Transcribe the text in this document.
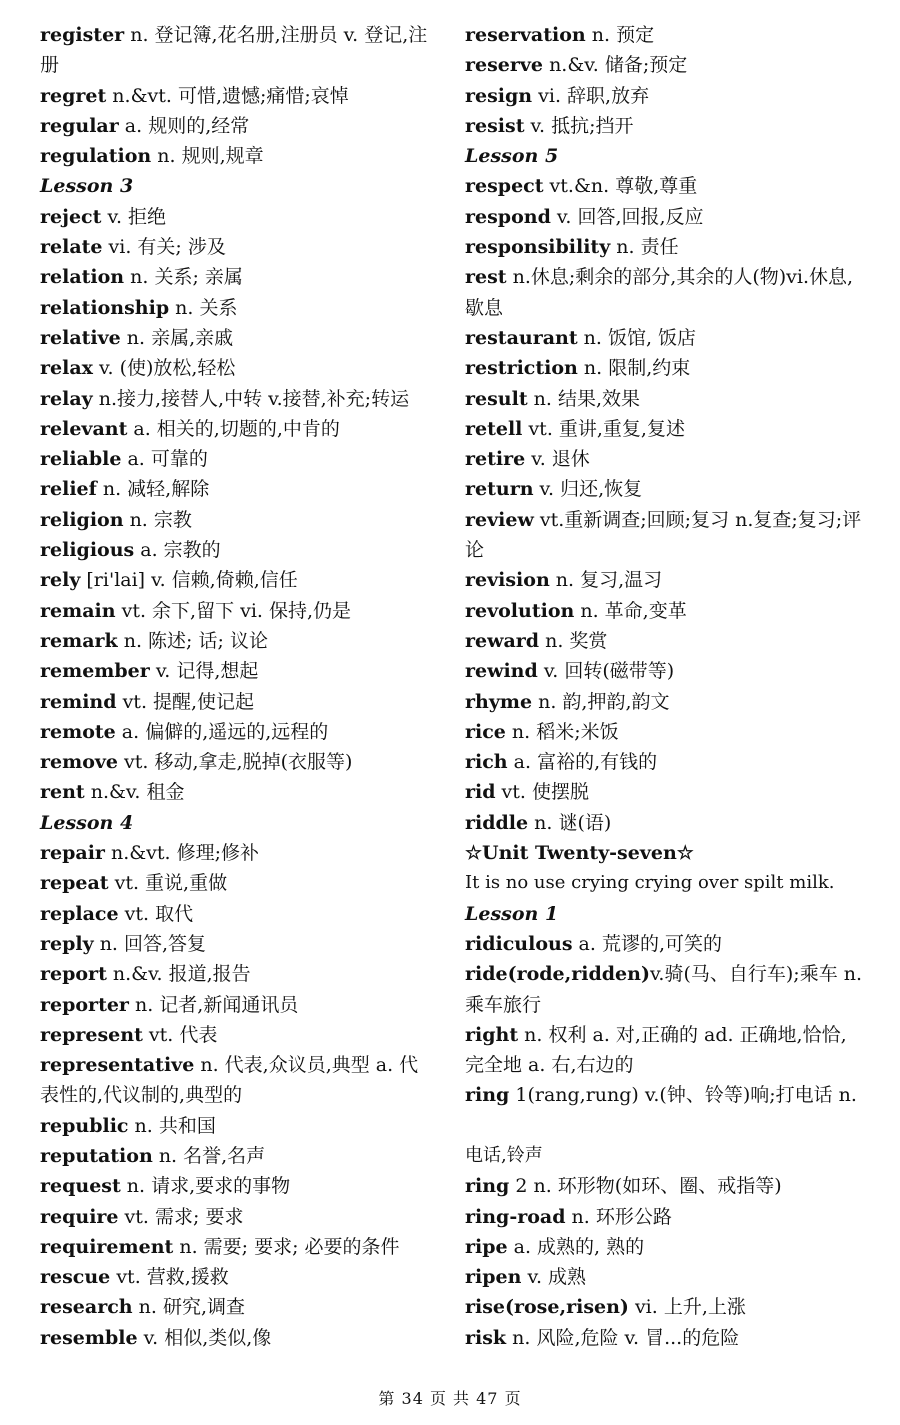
register n. 登记簿,花名册,注册员 v. 登记,注册
regret n.&vt. 可惜,遗憾;痛惜;哀悼
regular a. 规则的,经常
regulation n. 规则,规章
Lesson 3
reject v. 拒绝
relate vi. 有关; 涉及
relation n. 关系; 亲属
relationship n. 关系
relative n. 亲属,亲戚
relax v. (使)放松,轻松
relay n.接力,接替人,中转 v.接替,补充;转运
relevant a. 相关的,切题的,中肯的
reliable a. 可靠的
relief n. 减轻,解除
religion n. 宗教
religious a. 宗教的
rely [ri'lai] v. 信赖,倚赖,信任
remain vt. 余下,留下 vi. 保持,仍是
remark n. 陈述; 话; 议论
remember v. 记得,想起
remind vt. 提醒,使记起
remote a. 偏僻的,遥远的,远程的
remove vt. 移动,拿走,脱掉(衣服等)
rent n.&v. 租金
Lesson 4
repair n.&vt. 修理;修补
repeat vt. 重说,重做
replace vt. 取代
reply n. 回答,答复
report n.&v. 报道,报告
reporter n. 记者,新闻通讯员
represent vt. 代表
representative n. 代表,众议员,典型 a. 代表性的,代议制的,典型的
republic n. 共和国
reputation n. 名誉,名声
request n. 请求,要求的事物
require vt. 需求; 要求
requirement n. 需要; 要求; 必要的条件
rescue vt. 营救,援救
research n. 研究,调查
resemble v. 相似,类似,像
reservation n. 预定
reserve n.&v. 储备;预定
resign vi. 辞职,放弃
resist v. 抵抗;挡开
Lesson 5
respect vt.&n. 尊敬,尊重
respond v. 回答,回报,反应
responsibility n. 责任
rest n.休息;剩余的部分,其余的人(物)vi.休息,歇息
restaurant n. 饭馆, 饭店
restriction n. 限制,约束
result n. 结果,效果
retell vt. 重讲,重复,复述
retire v. 退休
return v. 归还,恢复
review vt.重新调查;回顾;复习 n.复查;复习;评论
revision n. 复习,温习
revolution n. 革命,变革
reward n. 奖赏
rewind v. 回转(磁带等)
rhyme n. 韵,押韵,韵文
rice n. 稻米;米饭
rich a. 富裕的,有钱的
rid vt. 使摆脱
riddle n. 谜(语)
☆Unit Twenty-seven☆
It is no use crying crying over spilt milk.
Lesson 1
ridiculous a. 荒谬的,可笑的
ride(rode,ridden)v.骑(马、自行车);乘车 n.乘车旅行
right n. 权利 a. 对,正确的 ad. 正确地,恰恰,完全地 a. 右,右边的
ring 1(rang,rung) v.(钟、铃等)响;打电话 n.
电话,铃声
ring 2 n. 环形物(如环、圈、戒指等)
ring-road n. 环形公路
ripe a. 成熟的, 熟的
ripen v. 成熟
rise(rose,risen) vi. 上升,上涨
risk n. 风险,危险 v. 冒...的危险
第 34 页 共 47 页
